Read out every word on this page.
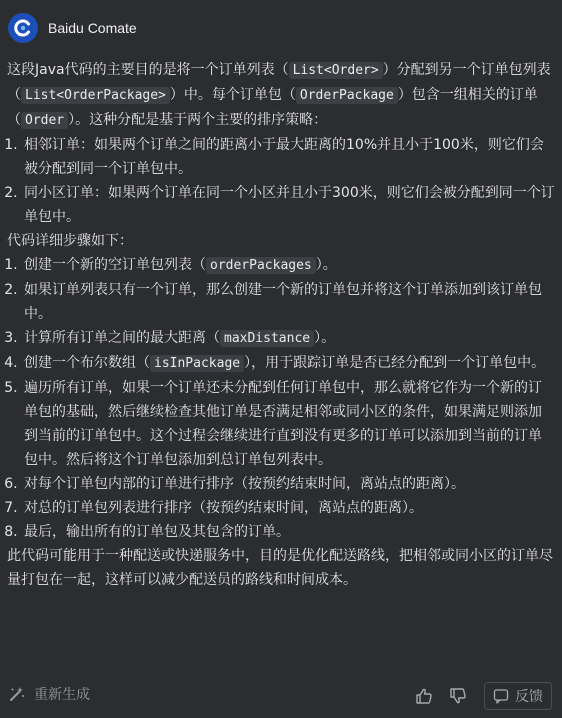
Baidu Comate

这段Java代码的主要目的是将一个订单列表（ List<Order> ）分配到另一个订单包列表（ List<OrderPackage> ）中。每个订单包（ OrderPackage ）包含一组相关的订单（ Order ）。这种分配是基于两个主要的排序策略：

1. 相邻订单：如果两个订单之间的距离小于最大距离的10%并且小于100米，则它们会被分配到同一个订单包中。
2. 同小区订单：如果两个订单在同一个小区并且小于300米，则它们会被分配到同一个订单包中。

代码详细步骤如下：

1. 创建一个新的空订单包列表（ orderPackages ）。
2. 如果订单列表只有一个订单，那么创建一个新的订单包并将这个订单添加到该订单包中。
3. 计算所有订单之间的最大距离（ maxDistance ）。
4. 创建一个布尔数组（ isInPackage ），用于跟踪订单是否已经分配到一个订单包中。
5. 遍历所有订单，如果一个订单还未分配到任何订单包中，那么就将它作为一个新的订单包的基础，然后继续检查其他订单是否满足相邻或同小区的条件，如果满足则添加到当前的订单包中。这个过程会继续进行直到没有更多的订单可以添加到当前的订单包中。然后将这个订单包添加到总订单包列表中。
6. 对每个订单包内部的订单进行排序（按预约结束时间，离站点的距离）。
7. 对总的订单包列表进行排序（按预约结束时间，离站点的距离）。
8. 最后，输出所有的订单包及其包含的订单。

此代码可能用于一种配送或快递服务中，目的是优化配送路线，把相邻或同小区的订单尽量打包在一起，这样可以减少配送员的路线和时间成本。

重新生成	反馈
